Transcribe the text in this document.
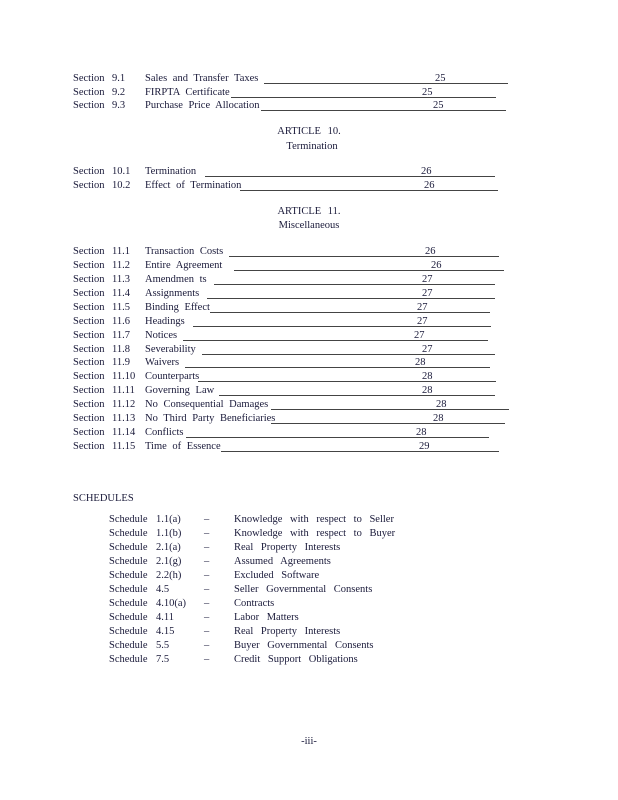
Section 9.1 Sales and Transfer Taxes	25
Section 9.2 FIRPTA Certificate	25
Section 9.3 Purchase Price Allocation	25
ARTICLE 10.
Termination
Section 10.1 Termination	26
Section 10.2 Effect of Termination	26
ARTICLE 11.
Miscellaneous
Section 11.1 Transaction Costs	26
Section 11.2 Entire Agreement	26
Section 11.3 Amendmen ts	27
Section 11.4 Assignments	27
Section 11.5 Binding Effect	27
Section 11.6 Headings	27
Section 11.7 Notices	27
Section 11.8 Severability	27
Section 11.9 Waivers	28
Section 11.10 Counterparts	28
Section 11.11 Governing Law	28
Section 11.12 No Consequential Damages	28
Section 11.13 No Third Party Beneficiaries	28
Section 11.14 Conflicts	28
Section 11.15 Time of Essence	29
SCHEDULES
Schedule 1.1(a) – Knowledge with respect to Seller
Schedule 1.1(b) – Knowledge with respect to Buyer
Schedule 2.1(a) – Real Property Interests
Schedule 2.1(g) – Assumed Agreements
Schedule 2.2(h) – Excluded Software
Schedule 4.5	– Seller Governmental Consents
Schedule 4.10(a) – Contracts
Schedule 4.11	– Labor Matters
Schedule 4.15	– Real Property Interests
Schedule 5.5	– Buyer Governmental Consents
Schedule 7.5	– Credit Support Obligations
-iii-
